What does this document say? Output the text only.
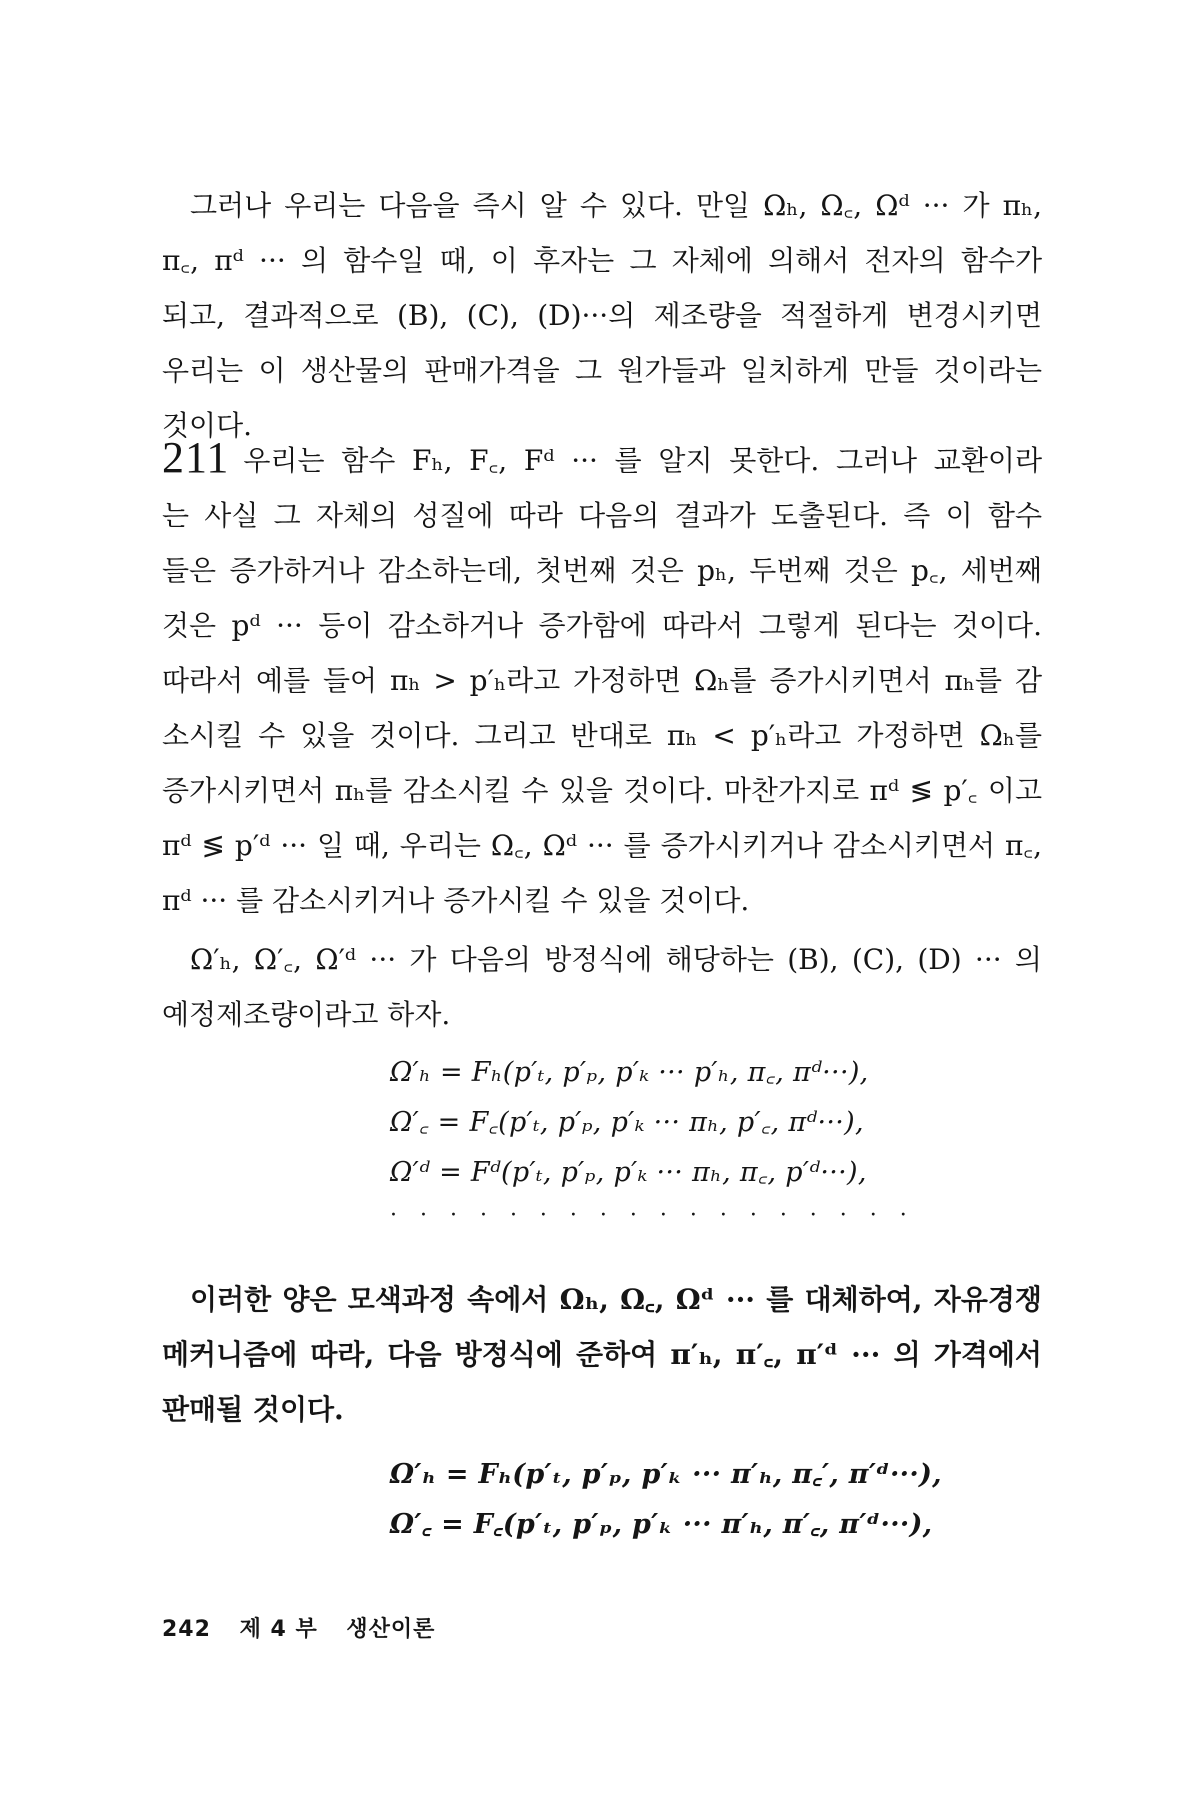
그러나 우리는 다음을 즉시 알 수 있다. 만일 Ωₕ, Ω꜀, Ωᵈ ··· 가 πₕ,
π꜀, πᵈ ··· 의 함수일 때, 이 후자는 그 자체에 의해서 전자의 함수가
되고, 결과적으로 (B), (C), (D)···의 제조량을 적절하게 변경시키면
우리는 이 생산물의 판매가격을 그 원가들과 일치하게 만들 것이라는
것이다.

211 우리는 함수 Fₕ, F꜀, Fᵈ ··· 를 알지 못한다. 그러나 교환이라
는 사실 그 자체의 성질에 따라 다음의 결과가 도출된다. 즉 이 함수
들은 증가하거나 감소하는데, 첫번째 것은 pₕ, 두번째 것은 p꜀, 세번째
것은 pᵈ ··· 등이 감소하거나 증가함에 따라서 그렇게 된다는 것이다.
따라서 예를 들어 πₕ > p′ₕ라고 가정하면 Ωₕ를 증가시키면서 πₕ를 감
소시킬 수 있을 것이다. 그리고 반대로 πₕ < p′ₕ라고 가정하면 Ωₕ를
증가시키면서 πₕ를 감소시킬 수 있을 것이다. 마찬가지로 πᵈ ≶ p′꜀ 이고
πᵈ ≶ p′ᵈ ··· 일 때, 우리는 Ω꜀, Ωᵈ ··· 를 증가시키거나 감소시키면서 π꜀,
πᵈ ··· 를 감소시키거나 증가시킬 수 있을 것이다.

Ω′ₕ, Ω′꜀, Ω′ᵈ ··· 가 다음의 방정식에 해당하는 (B), (C), (D) ··· 의
예정제조량이라고 하자.

Ω′ₕ = Fₕ(p′ₜ, p′ₚ, p′ₖ ··· p′ₕ, π꜀, πᵈ···),
Ω′꜀ = F꜀(p′ₜ, p′ₚ, p′ₖ ··· πₕ, p′꜀, πᵈ···),
Ω′ᵈ = Fᵈ(p′ₜ, p′ₚ, p′ₖ ··· πₕ, π꜀, p′ᵈ···),
· · · · · · · · · · · · · · · · · ·

이러한 양은 모색과정 속에서 Ωₕ, Ω꜀, Ωᵈ ··· 를 대체하여, 자유경쟁
메커니즘에 따라, 다음 방정식에 준하여 π′ₕ, π′꜀, π′ᵈ ··· 의 가격에서
판매될 것이다.

Ω′ₕ = Fₕ(p′ₜ, p′ₚ, p′ₖ ··· π′ₕ, π꜀′, π′ᵈ···),
Ω′꜀ = F꜀(p′ₜ, p′ₚ, p′ₖ ··· π′ₕ, π′꜀, π′ᵈ···),
242 제 4 부 생산이론
